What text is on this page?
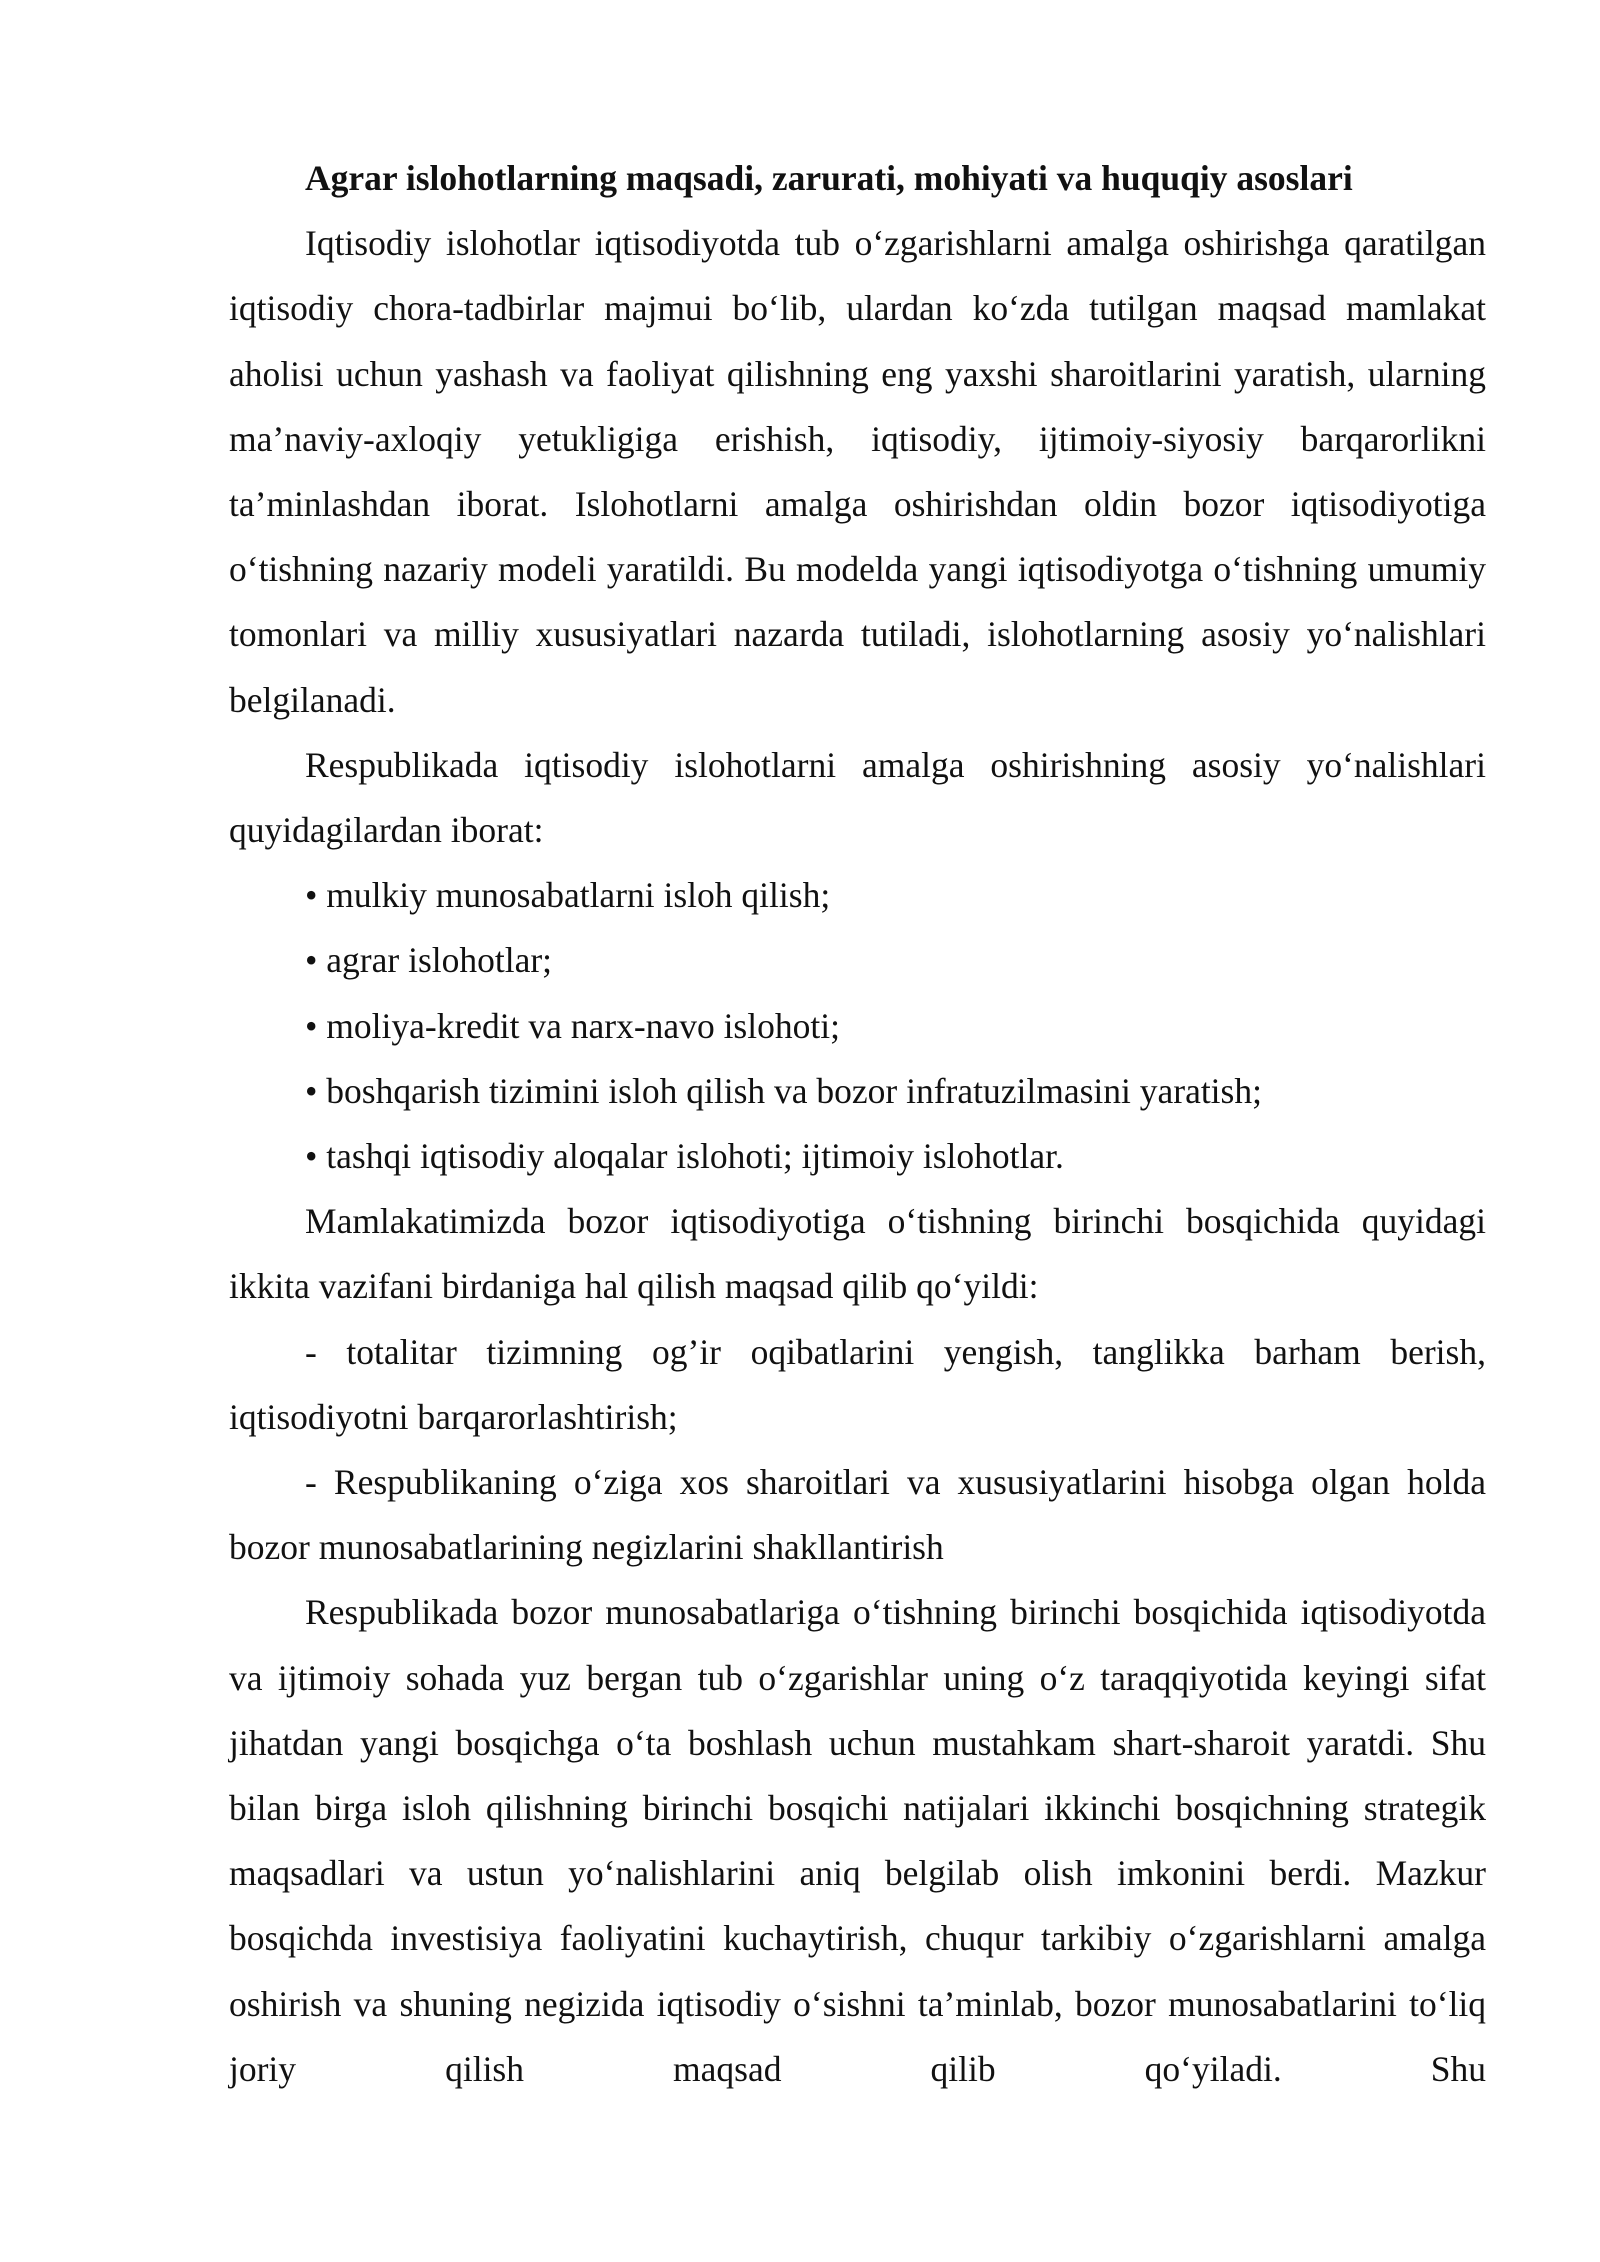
Agrar islohotlarning maqsadi, zarurati, mohiyati va huquqiy asoslari

Iqtisodiy islohotlar iqtisodiyotda tub o‘zgarishlarni amalga oshirishga qaratilgan iqtisodiy chora-tadbirlar majmui bo‘lib, ulardan ko‘zda tutilgan maqsad mamlakat aholisi uchun yashash va faoliyat qilishning eng yaxshi sharoitlarini yaratish, ularning ma’naviy-axloqiy yetukligiga erishish, iqtisodiy, ijtimoiy-siyosiy barqarorlikni ta’minlashdan iborat. Islohotlarni amalga oshirishdan oldin bozor iqtisodiyotiga o‘tishning nazariy modeli yaratildi. Bu modelda yangi iqtisodiyotga o‘tishning umumiy tomonlari va milliy xususiyatlari nazarda tutiladi, islohotlarning asosiy yo‘nalishlari belgilanadi.

Respublikada iqtisodiy islohotlarni amalga oshirishning asosiy yo‘nalishlari quyidagilardan iborat:

• mulkiy munosabatlarni isloh qilish;

• agrar islohotlar;

• moliya-kredit va narx-navo islohoti;

• boshqarish tizimini isloh qilish va bozor infratuzilmasini yaratish;

• tashqi iqtisodiy aloqalar islohoti; ijtimoiy islohotlar.

Mamlakatimizda bozor iqtisodiyotiga o‘tishning birinchi bosqichida quyidagi ikkita vazifani birdaniga hal qilish maqsad qilib qo‘yildi:

- totalitar tizimning og’ir oqibatlarini yengish, tanglikka barham berish, iqtisodiyotni barqarorlashtirish;

- Respublikaning o‘ziga xos sharoitlari va xususiyatlarini hisobga olgan holda bozor munosabatlarining negizlarini shakllantirish

Respublikada bozor munosabatlariga o‘tishning birinchi bosqichida iqtisodiyotda va ijtimoiy sohada yuz bergan tub o‘zgarishlar uning o‘z taraqqiyotida keyingi sifat jihatdan yangi bosqichga o‘ta boshlash uchun mustahkam shart-sharoit yaratdi. Shu bilan birga isloh qilishning birinchi bosqichi natijalari ikkinchi bosqichning strategik maqsadlari va ustun yo‘nalishlarini aniq belgilab olish imkonini berdi. Mazkur bosqichda investisiya faoliyatini kuchaytirish, chuqur tarkibiy o‘zgarishlarni amalga oshirish va shuning negizida iqtisodiy o‘sishni ta’minlab, bozor munosabatlarini to‘liq joriy qilish maqsad qilib qo‘yiladi. Shu
